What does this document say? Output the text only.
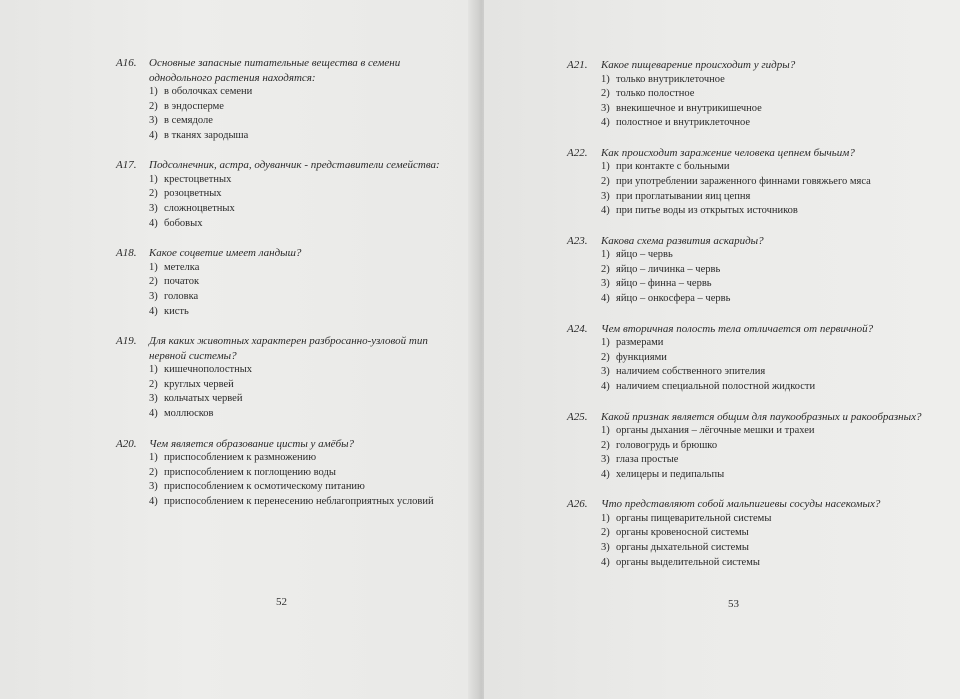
А16.	Основные запасные питательные вещества в семени однодольного растения находятся:
1) в оболочках семени
2) в эндосперме
3) в семядоле
4) в тканях зародыша
А17.	Подсолнечник, астра, одуванчик - представители семейства:
1) крестоцветных
2) розоцветных
3) сложноцветных
4) бобовых
А18.	Какое соцветие имеет ландыш?
1) метелка
2) початок
3) головка
4) кисть
А19.	Для каких животных характерен разбросанно-узловой тип нервной системы?
1) кишечнополостных
2) круглых червей
3) кольчатых червей
4) моллюсков
А20.	Чем является образование цисты у амёбы?
1) приспособлением к размножению
2) приспособлением к поглощению воды
3) приспособлением к осмотическому питанию
4) приспособлением к перенесению неблагоприятных условий
52
А21.	Какое пищеварение происходит у гидры?
1) только внутриклеточное
2) только полостное
3) внекишечное и внутрикишечное
4) полостное и внутриклеточное
А22.	Как происходит заражение человека цепнем бычьим?
1) при контакте с больными
2) при употреблении зараженного финнами говяжьего мяса
3) при проглатывании яиц цепня
4) при питье воды из открытых источников
А23.	Какова схема развития аскариды?
1) яйцо – червь
2) яйцо – личинка – червь
3) яйцо – финна – червь
4) яйцо – онкосфера – червь
А24.	Чем вторичная полость тела отличается от первичной?
1) размерами
2) функциями
3) наличием собственного эпителия
4) наличием специальной полостной жидкости
А25.	Какой признак является общим для паукообразных и ракообразных?
1) органы дыхания – лёгочные мешки и трахеи
2) головогрудь и брюшко
3) глаза простые
4) хелицеры и педипальпы
А26.	Что представляют собой мальпигиевы сосуды насекомых?
1) органы пищеварительной системы
2) органы кровеносной системы
3) органы дыхательной системы
4) органы выделительной системы
53
